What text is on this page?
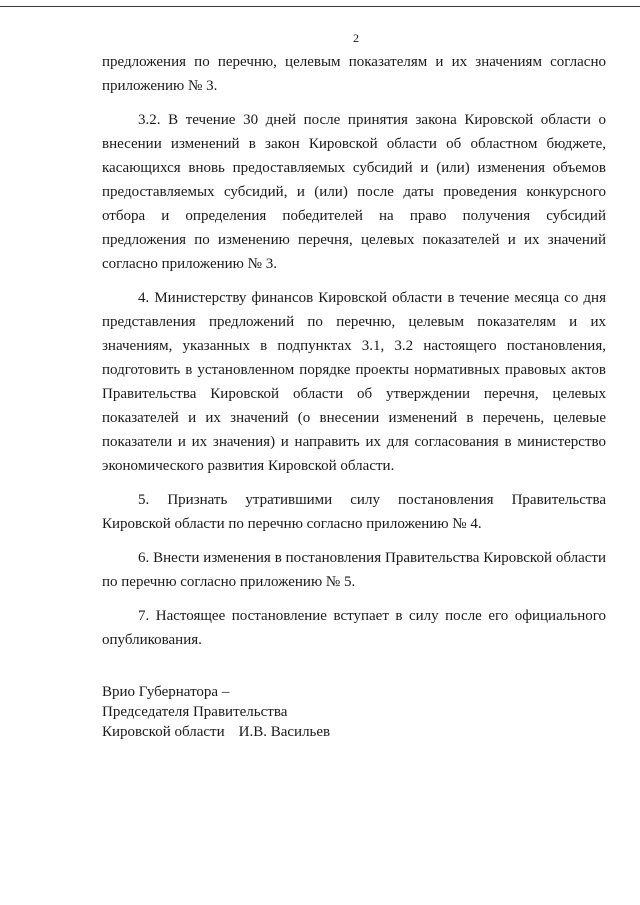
2

предложения по перечню, целевым показателям и их значениям согласно приложению № 3.

3.2. В течение 30 дней после принятия закона Кировской области о внесении изменений в закон Кировской области об областном бюджете, касающихся вновь предоставляемых субсидий и (или) изменения объемов предоставляемых субсидий, и (или) после даты проведения конкурсного отбора и определения победителей на право получения субсидий предложения по изменению перечня, целевых показателей и их значений согласно приложению № 3.

4. Министерству финансов Кировской области в течение месяца со дня представления предложений по перечню, целевым показателям и их значениям, указанных в подпунктах 3.1, 3.2 настоящего постановления, подготовить в установленном порядке проекты нормативных правовых актов Правительства Кировской области об утверждении перечня, целевых показателей и их значений (о внесении изменений в перечень, целевые показатели и их значения) и направить их для согласования в министерство экономического развития Кировской области.

5. Признать утратившими силу постановления Правительства Кировской области по перечню согласно приложению № 4.

6. Внести изменения в постановления Правительства Кировской области по перечню согласно приложению № 5.

7. Настоящее постановление вступает в силу после его официального опубликования.

Врио Губернатора –
Председателя Правительства
Кировской области И.В. Васильев
